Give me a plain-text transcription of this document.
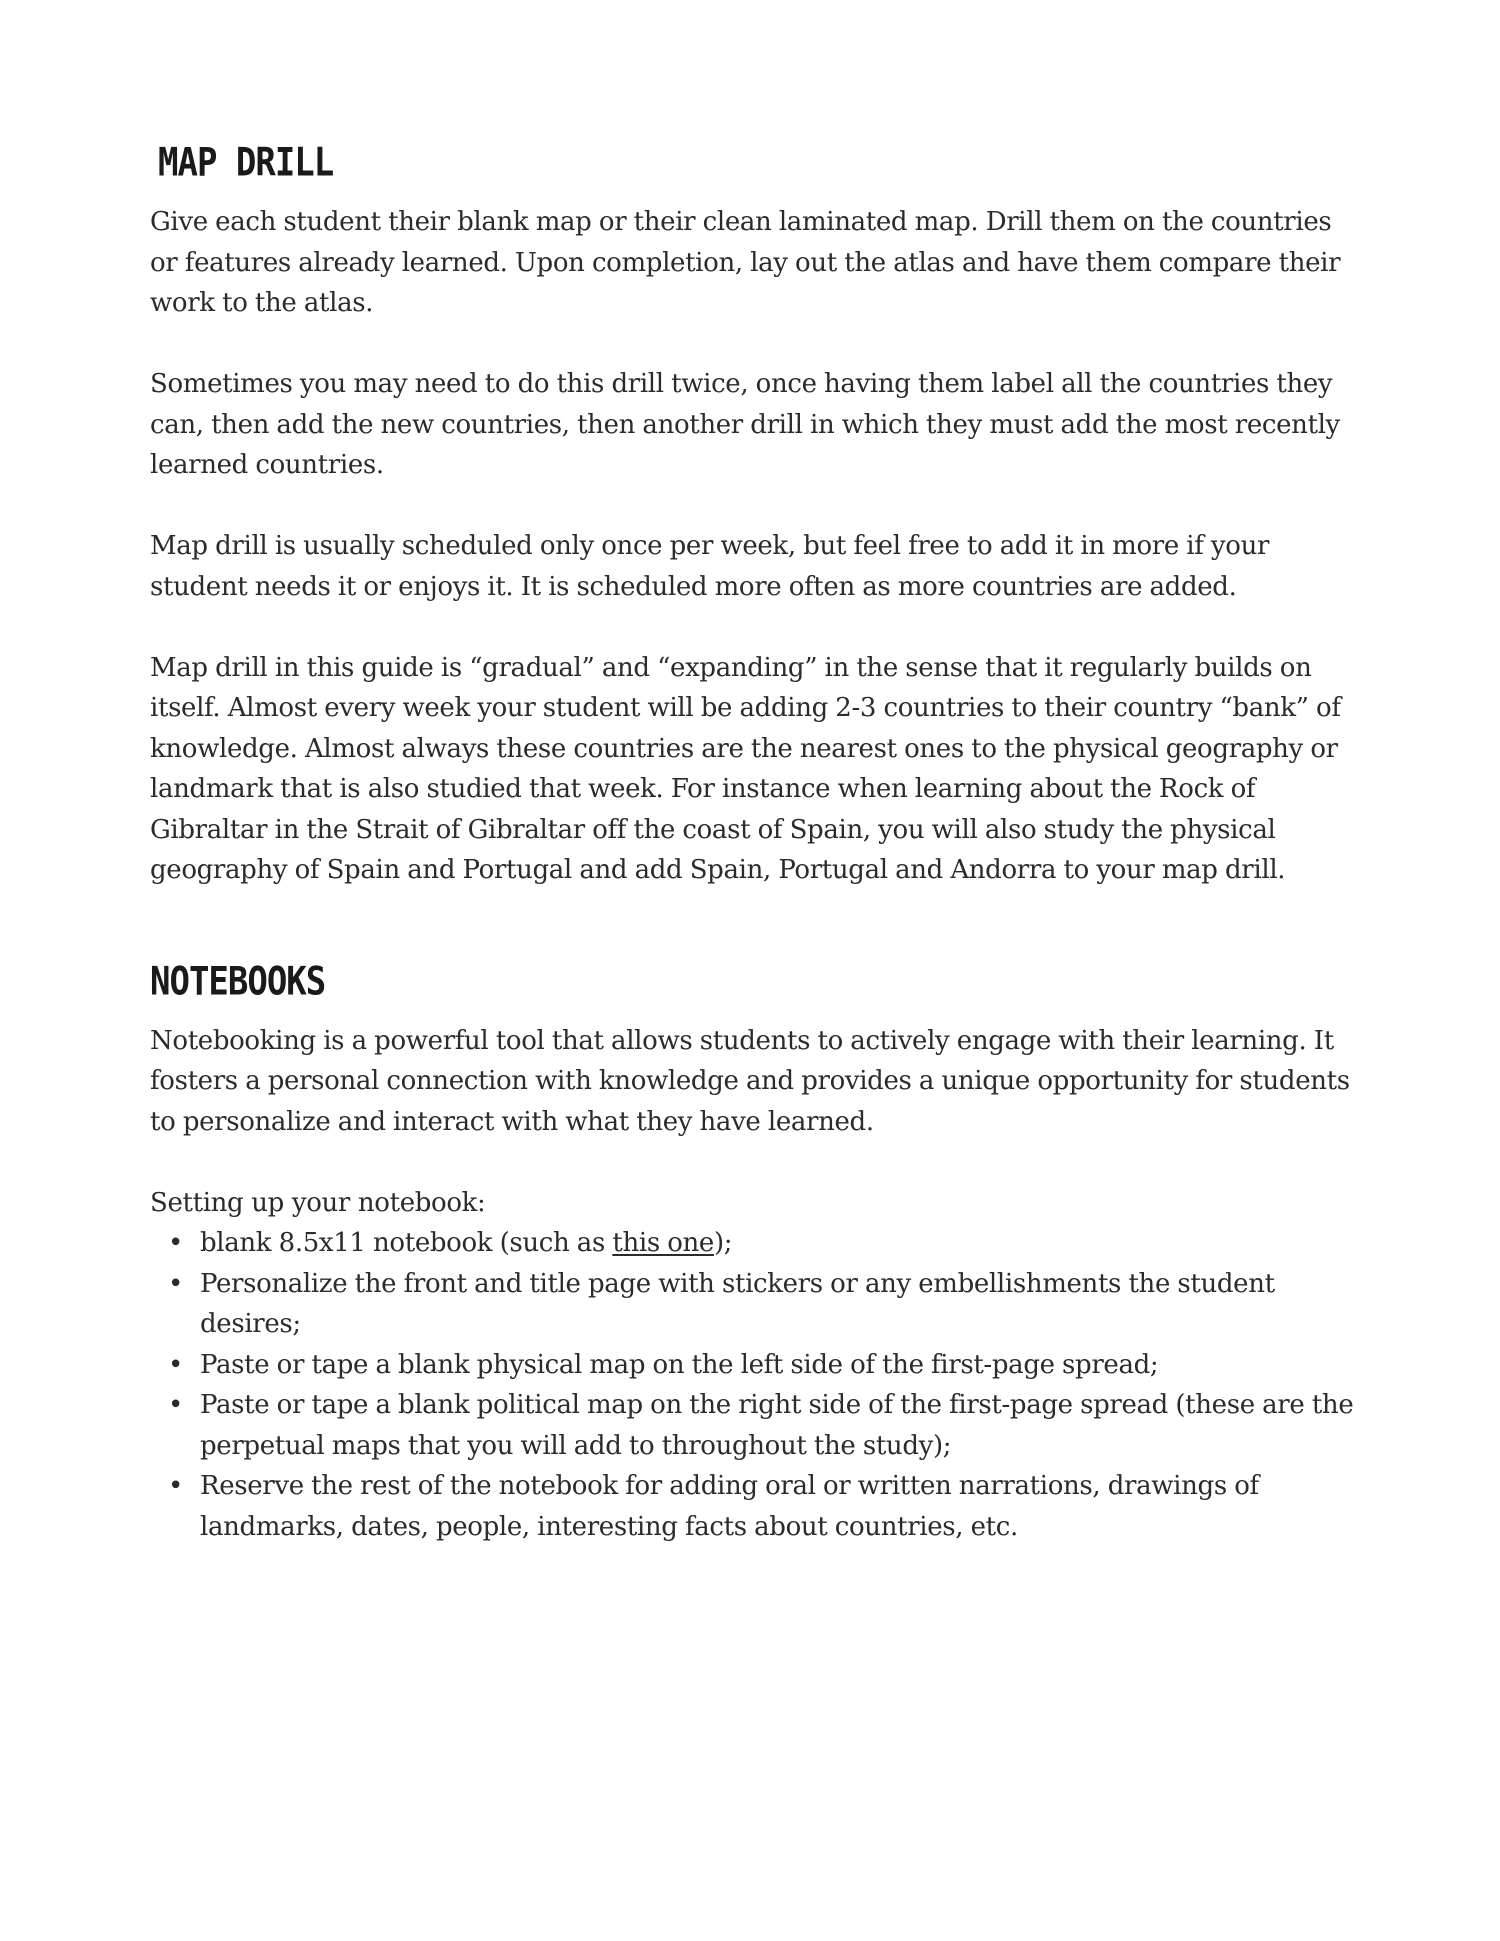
MAP DRILL

Give each student their blank map or their clean laminated map. Drill them on the countries or features already learned. Upon completion, lay out the atlas and have them compare their work to the atlas.

Sometimes you may need to do this drill twice, once having them label all the countries they can, then add the new countries, then another drill in which they must add the most recently learned countries.

Map drill is usually scheduled only once per week, but feel free to add it in more if your student needs it or enjoys it. It is scheduled more often as more countries are added.

Map drill in this guide is “gradual” and “expanding” in the sense that it regularly builds on itself. Almost every week your student will be adding 2-3 countries to their country “bank” of knowledge. Almost always these countries are the nearest ones to the physical geography or landmark that is also studied that week. For instance when learning about the Rock of Gibraltar in the Strait of Gibraltar off the coast of Spain, you will also study the physical geography of Spain and Portugal and add Spain, Portugal and Andorra to your map drill.

NOTEBOOKS

Notebooking is a powerful tool that allows students to actively engage with their learning. It fosters a personal connection with knowledge and provides a unique opportunity for students to personalize and interact with what they have learned.

Setting up your notebook:
• blank 8.5x11 notebook (such as this one);
• Personalize the front and title page with stickers or any embellishments the student desires;
• Paste or tape a blank physical map on the left side of the first-page spread;
• Paste or tape a blank political map on the right side of the first-page spread (these are the perpetual maps that you will add to throughout the study);
• Reserve the rest of the notebook for adding oral or written narrations, drawings of landmarks, dates, people, interesting facts about countries, etc.
